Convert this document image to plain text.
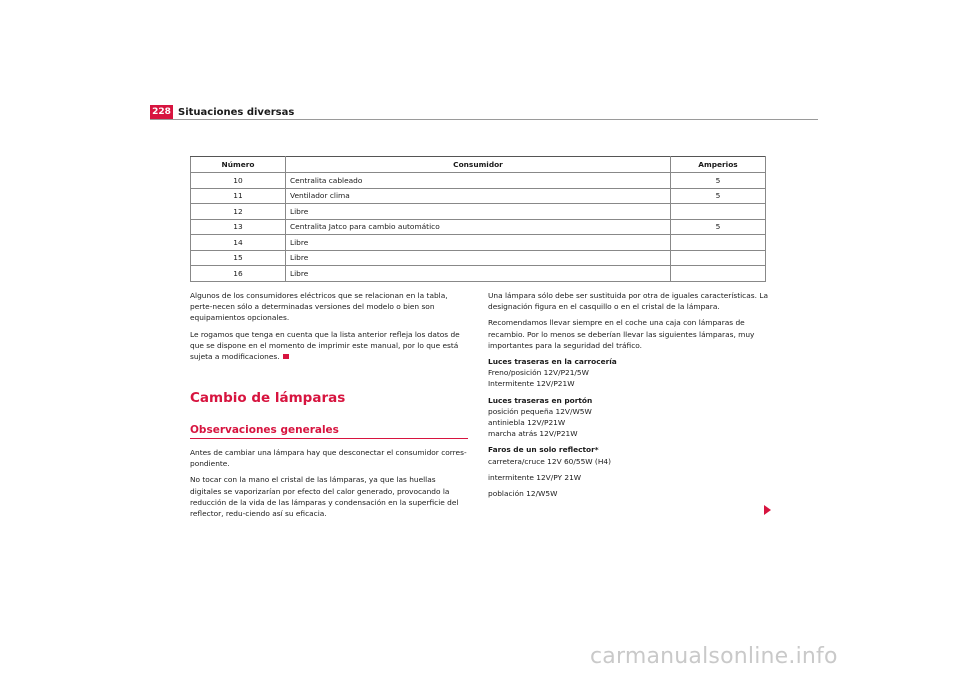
228 Situaciones diversas
Número	Consumidor	Amperios
10	Centralita cableado	5
11	Ventilador clima	5
12	Libre	
13	Centralita Jatco para cambio automático	5
14	Libre	
15	Libre	
16	Libre	

Algunos de los consumidores eléctricos que se relacionan en la tabla, perte-necen sólo a determinadas versiones del modelo o bien son equipamientos opcionales.

Le rogamos que tenga en cuenta que la lista anterior refleja los datos de que se dispone en el momento de imprimir este manual, por lo que está sujeta a modificaciones.

Cambio de lámparas
Observaciones generales

Antes de cambiar una lámpara hay que desconectar el consumidor corres-pondiente.

No tocar con la mano el cristal de las lámparas, ya que las huellas digitales se vaporizarían por efecto del calor generado, provocando la reducción de la vida de las lámparas y condensación en la superficie del reflector, redu-ciendo así su eficacia.

Una lámpara sólo debe ser sustituida por otra de iguales características. La designación figura en el casquillo o en el cristal de la lámpara.

Recomendamos llevar siempre en el coche una caja con lámparas de recambio. Por lo menos se deberían llevar las siguientes lámparas, muy importantes para la seguridad del tráfico.

Luces traseras en la carrocería
Freno/posición 12V/P21/5W
Intermitente 12V/P21W
Luces traseras en portón
posición pequeña 12V/W5W
antiniebla 12V/P21W
marcha atrás 12V/P21W
Faros de un solo reflector*
carretera/cruce 12V 60/55W (H4)
intermitente 12V/PY 21W
población 12/W5W
carmanualsonline.info
